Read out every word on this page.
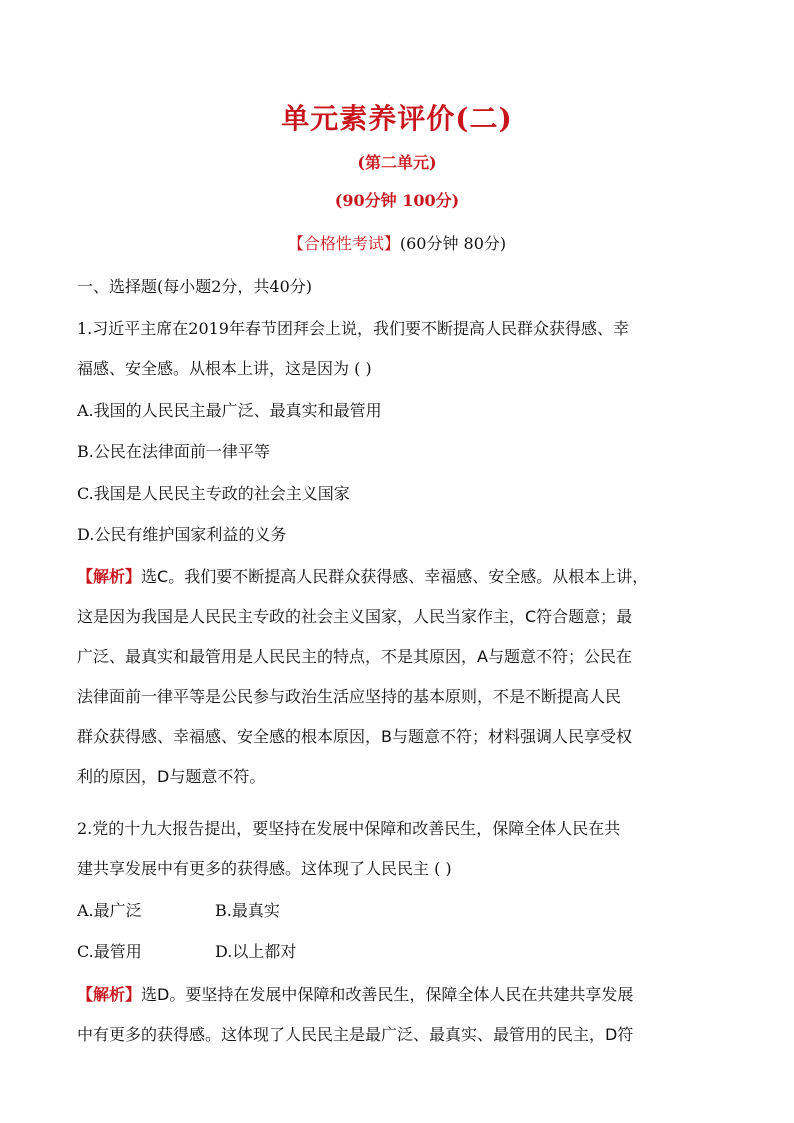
单元素养评价(二)
(第二单元)
(90分钟 100分)
【合格性考试】(60分钟 80分)
一、选择题(每小题2分，共40分)
1.习近平主席在2019年春节团拜会上说，我们要不断提高人民群众获得感、幸
福感、安全感。从根本上讲，这是因为 ( )
A.我国的人民民主最广泛、最真实和最管用
B.公民在法律面前一律平等
C.我国是人民民主专政的社会主义国家
D.公民有维护国家利益的义务
【解析】选C。我们要不断提高人民群众获得感、幸福感、安全感。从根本上讲，
这是因为我国是人民民主专政的社会主义国家，人民当家作主，C符合题意；最
广泛、最真实和最管用是人民民主的特点，不是其原因，A与题意不符；公民在
法律面前一律平等是公民参与政治生活应坚持的基本原则，不是不断提高人民
群众获得感、幸福感、安全感的根本原因，B与题意不符；材料强调人民享受权
利的原因，D与题意不符。
2.党的十九大报告提出，要坚持在发展中保障和改善民生，保障全体人民在共
建共享发展中有更多的获得感。这体现了人民民主 ( )
A.最广泛	B.最真实
C.最管用	D.以上都对
【解析】选D。要坚持在发展中保障和改善民生，保障全体人民在共建共享发展
中有更多的获得感。这体现了人民民主是最广泛、最真实、最管用的民主，D符
